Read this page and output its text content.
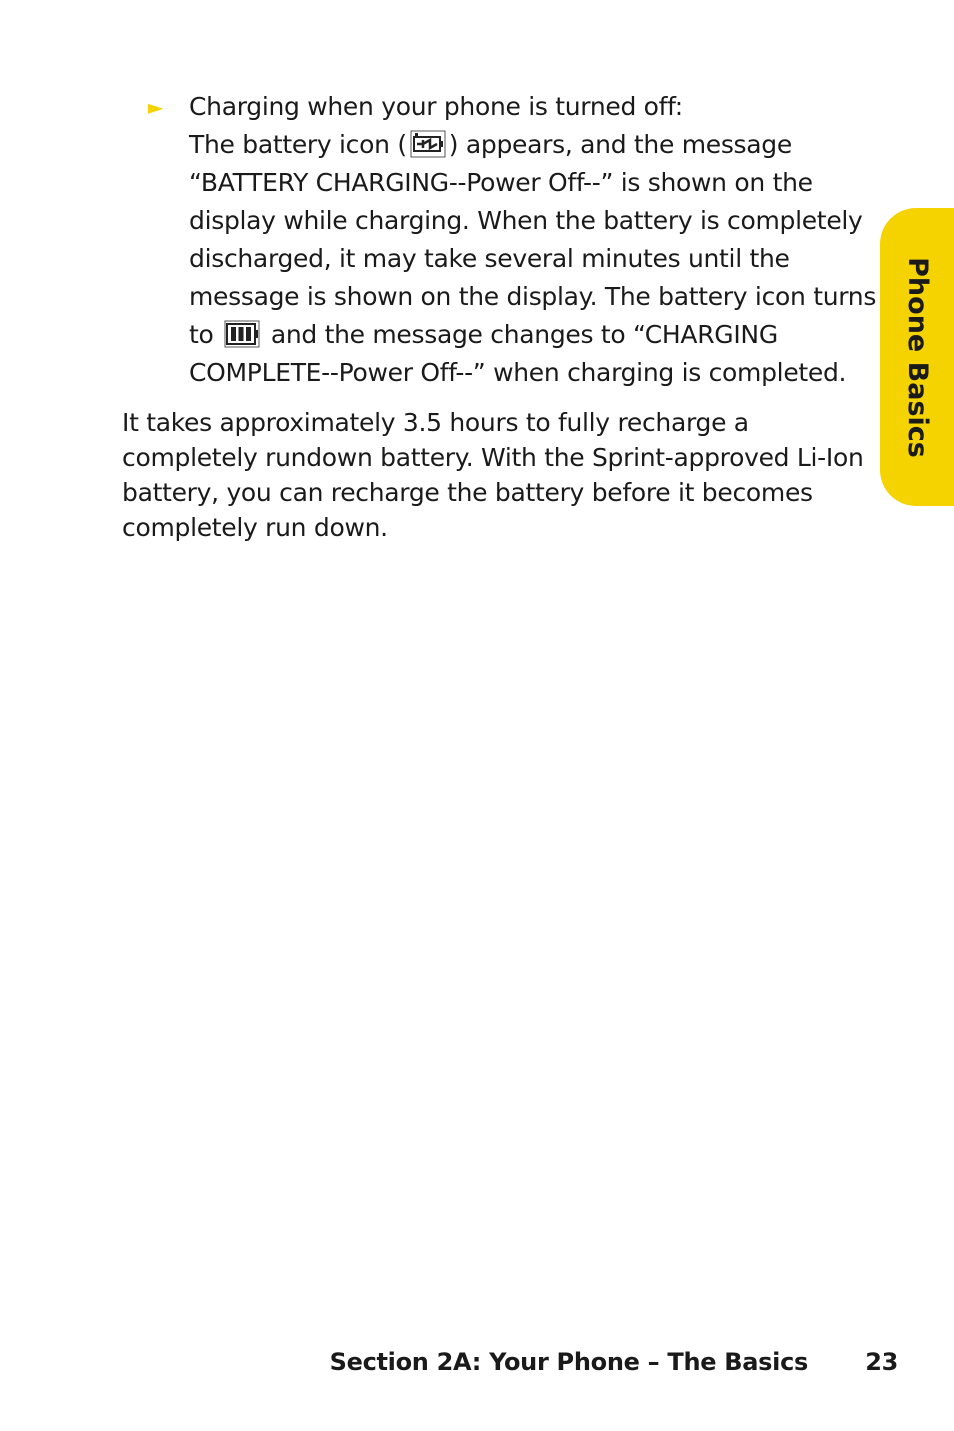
► Charging when your phone is turned off:
The battery icon ( ) appears, and the message
“BATTERY CHARGING--Power Off--” is shown on the
display while charging. When the battery is completely
discharged, it may take several minutes until the
message is shown on the display. The battery icon turns
to and the message changes to “CHARGING
COMPLETE--Power Off--” when charging is completed.
It takes approximately 3.5 hours to fully recharge a
completely rundown battery. With the Sprint-approved Li-Ion
battery, you can recharge the battery before it becomes
completely run down.
Phone Basics
Section 2A: Your Phone – The Basics 23
